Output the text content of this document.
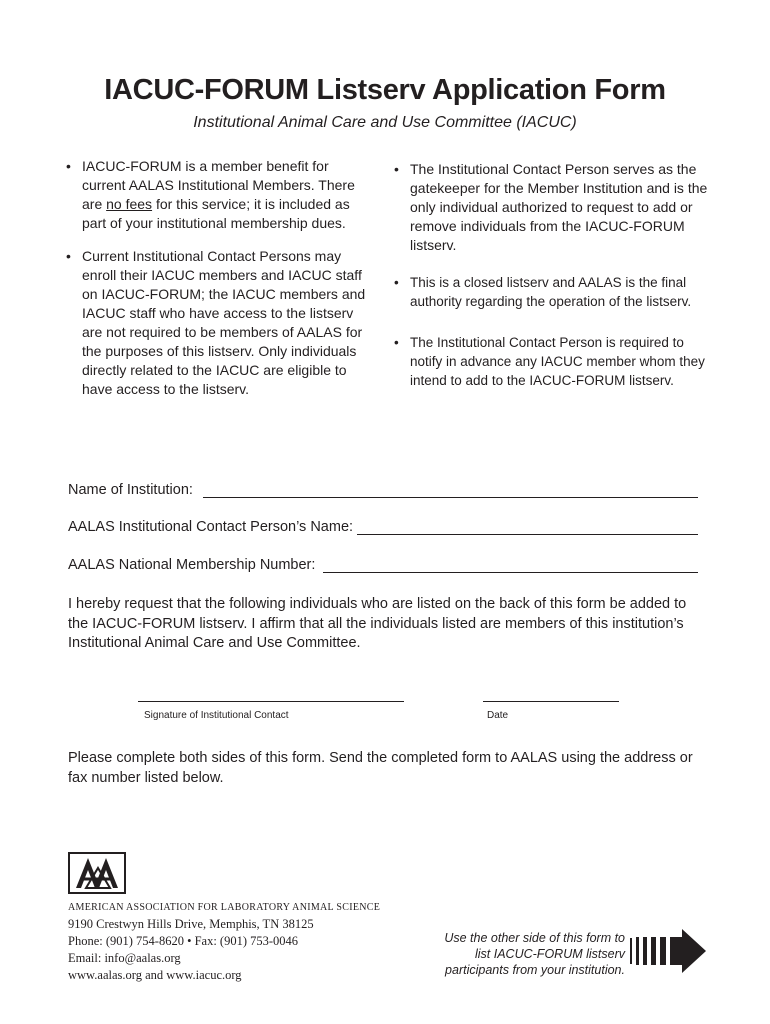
IACUC-FORUM Listserv Application Form
Institutional Animal Care and Use Committee (IACUC)
• IACUC-FORUM is a member benefit for current AALAS Institutional Members. There are no fees for this service; it is included as part of your institutional membership dues.
• Current Institutional Contact Persons may enroll their IACUC members and IACUC staff on IACUC-FORUM; the IACUC members and IACUC staff who have access to the listserv are not required to be members of AALAS for the purposes of this listserv. Only individuals directly related to the IACUC are eligible to have access to the listserv.
• The Institutional Contact Person serves as the gatekeeper for the Member Institution and is the only individual authorized to request to add or remove individuals from the IACUC-FORUM listserv.
• This is a closed listserv and AALAS is the final authority regarding the operation of the listserv.
• The Institutional Contact Person is required to notify in advance any IACUC member whom they intend to add to the IACUC-FORUM listserv.
Name of Institution:
AALAS Institutional Contact Person’s Name:
AALAS National Membership Number:
I hereby request that the following individuals who are listed on the back of this form be added to the IACUC-FORUM listserv. I affirm that all the individuals listed are members of this institution’s Institutional Animal Care and Use Committee.
Signature of Institutional Contact	Date
Please complete both sides of this form. Send the completed form to AALAS using the address or fax number listed below.
AMERICAN ASSOCIATION FOR LABORATORY ANIMAL SCIENCE
9190 Crestwyn Hills Drive, Memphis, TN 38125
Phone: (901) 754-8620 • Fax: (901) 753-0046
Email: info@aalas.org
www.aalas.org and www.iacuc.org
Use the other side of this form to
list IACUC-FORUM listserv
participants from your institution.
